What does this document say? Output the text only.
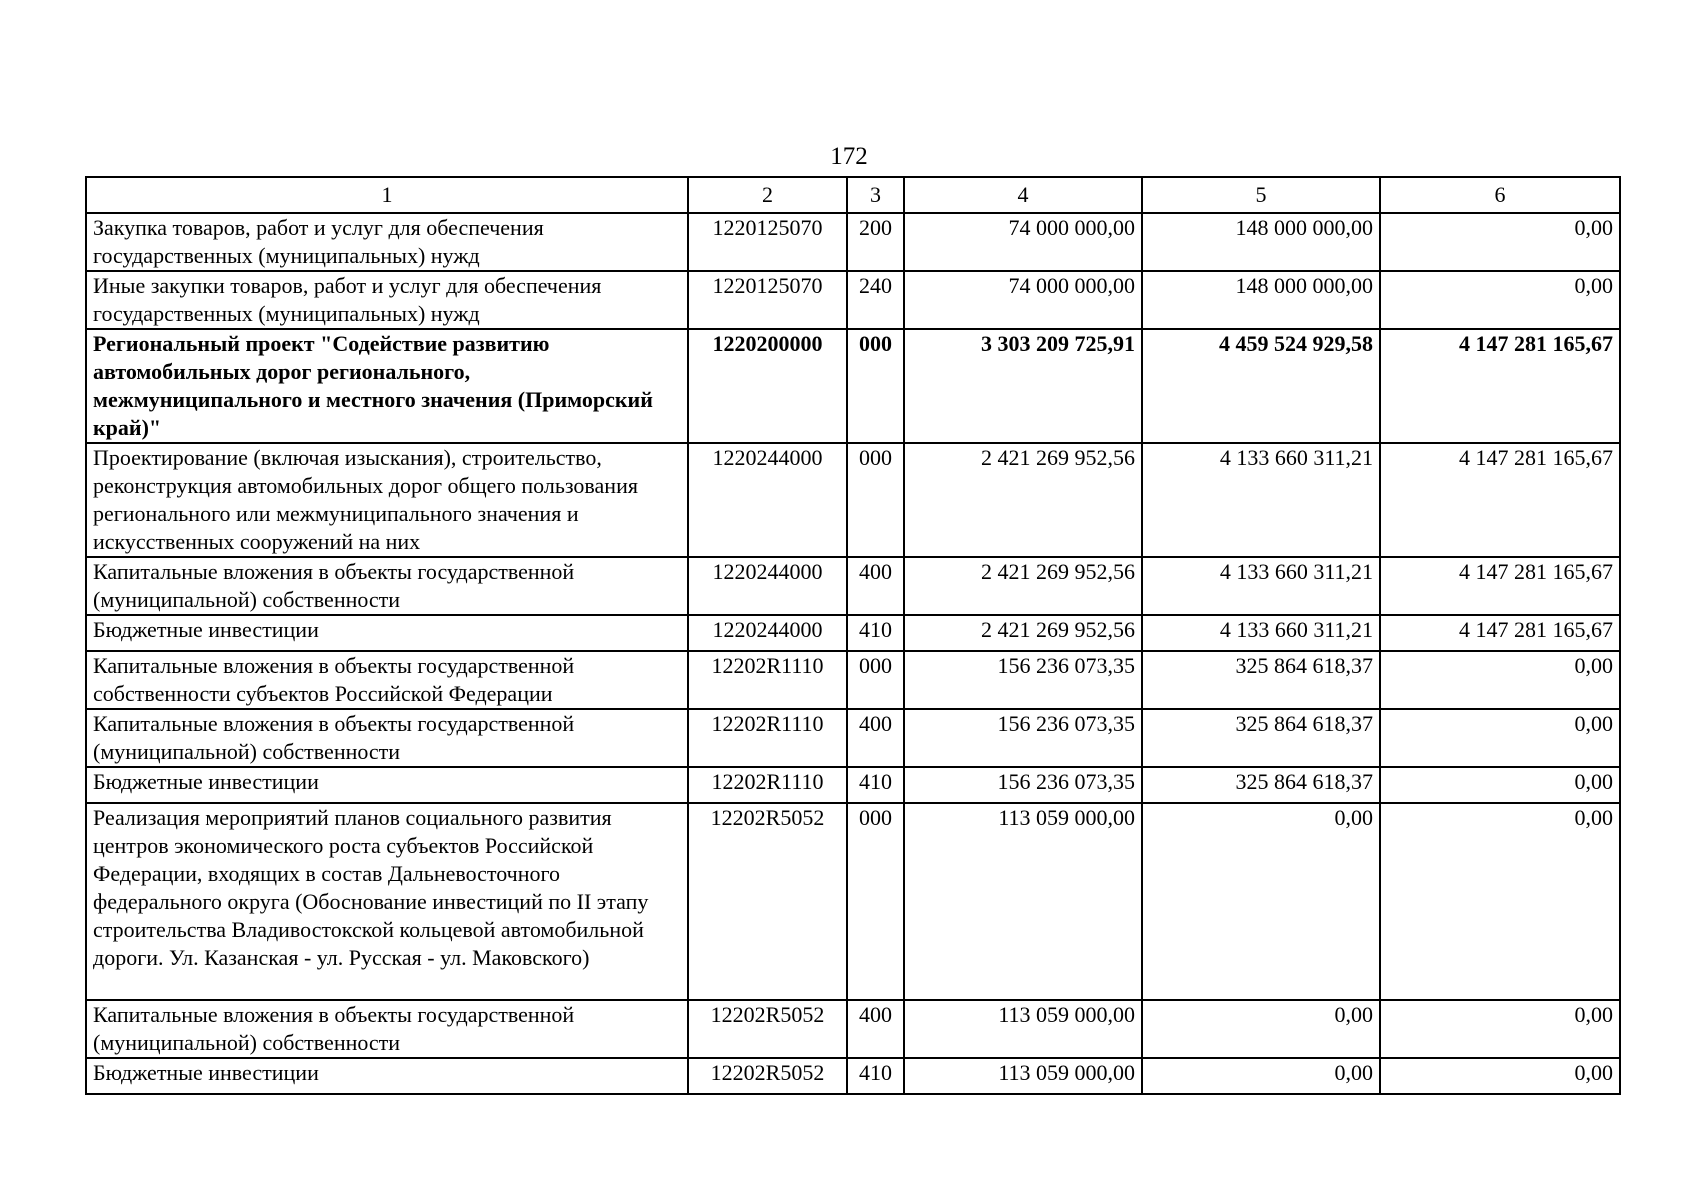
172
1	2	3	4	5	6
Закупка товаров, работ и услуг для обеспечения государственных (муниципальных) нужд	1220125070	200	74 000 000,00	148 000 000,00	0,00
Иные закупки товаров, работ и услуг для обеспечения государственных (муниципальных) нужд	1220125070	240	74 000 000,00	148 000 000,00	0,00
Региональный проект "Содействие развитию автомобильных дорог регионального, межмуниципального и местного значения (Приморский край)"	1220200000	000	3 303 209 725,91	4 459 524 929,58	4 147 281 165,67
Проектирование (включая изыскания), строительство, реконструкция автомобильных дорог общего пользования регионального или межмуниципального значения и искусственных сооружений на них	1220244000	000	2 421 269 952,56	4 133 660 311,21	4 147 281 165,67
Капитальные вложения в объекты государственной (муниципальной) собственности	1220244000	400	2 421 269 952,56	4 133 660 311,21	4 147 281 165,67
Бюджетные инвестиции	1220244000	410	2 421 269 952,56	4 133 660 311,21	4 147 281 165,67
Капитальные вложения в объекты государственной собственности субъектов Российской Федерации	12202R1110	000	156 236 073,35	325 864 618,37	0,00
Капитальные вложения в объекты государственной (муниципальной) собственности	12202R1110	400	156 236 073,35	325 864 618,37	0,00
Бюджетные инвестиции	12202R1110	410	156 236 073,35	325 864 618,37	0,00
Реализация мероприятий планов социального развития центров экономического роста субъектов Российской Федерации, входящих в состав Дальневосточного федерального округа (Обоснование инвестиций по II этапу строительства Владивостокской кольцевой автомобильной дороги. Ул. Казанская - ул. Русская - ул. Маковского)	12202R5052	000	113 059 000,00	0,00	0,00
Капитальные вложения в объекты государственной (муниципальной) собственности	12202R5052	400	113 059 000,00	0,00	0,00
Бюджетные инвестиции	12202R5052	410	113 059 000,00	0,00	0,00
